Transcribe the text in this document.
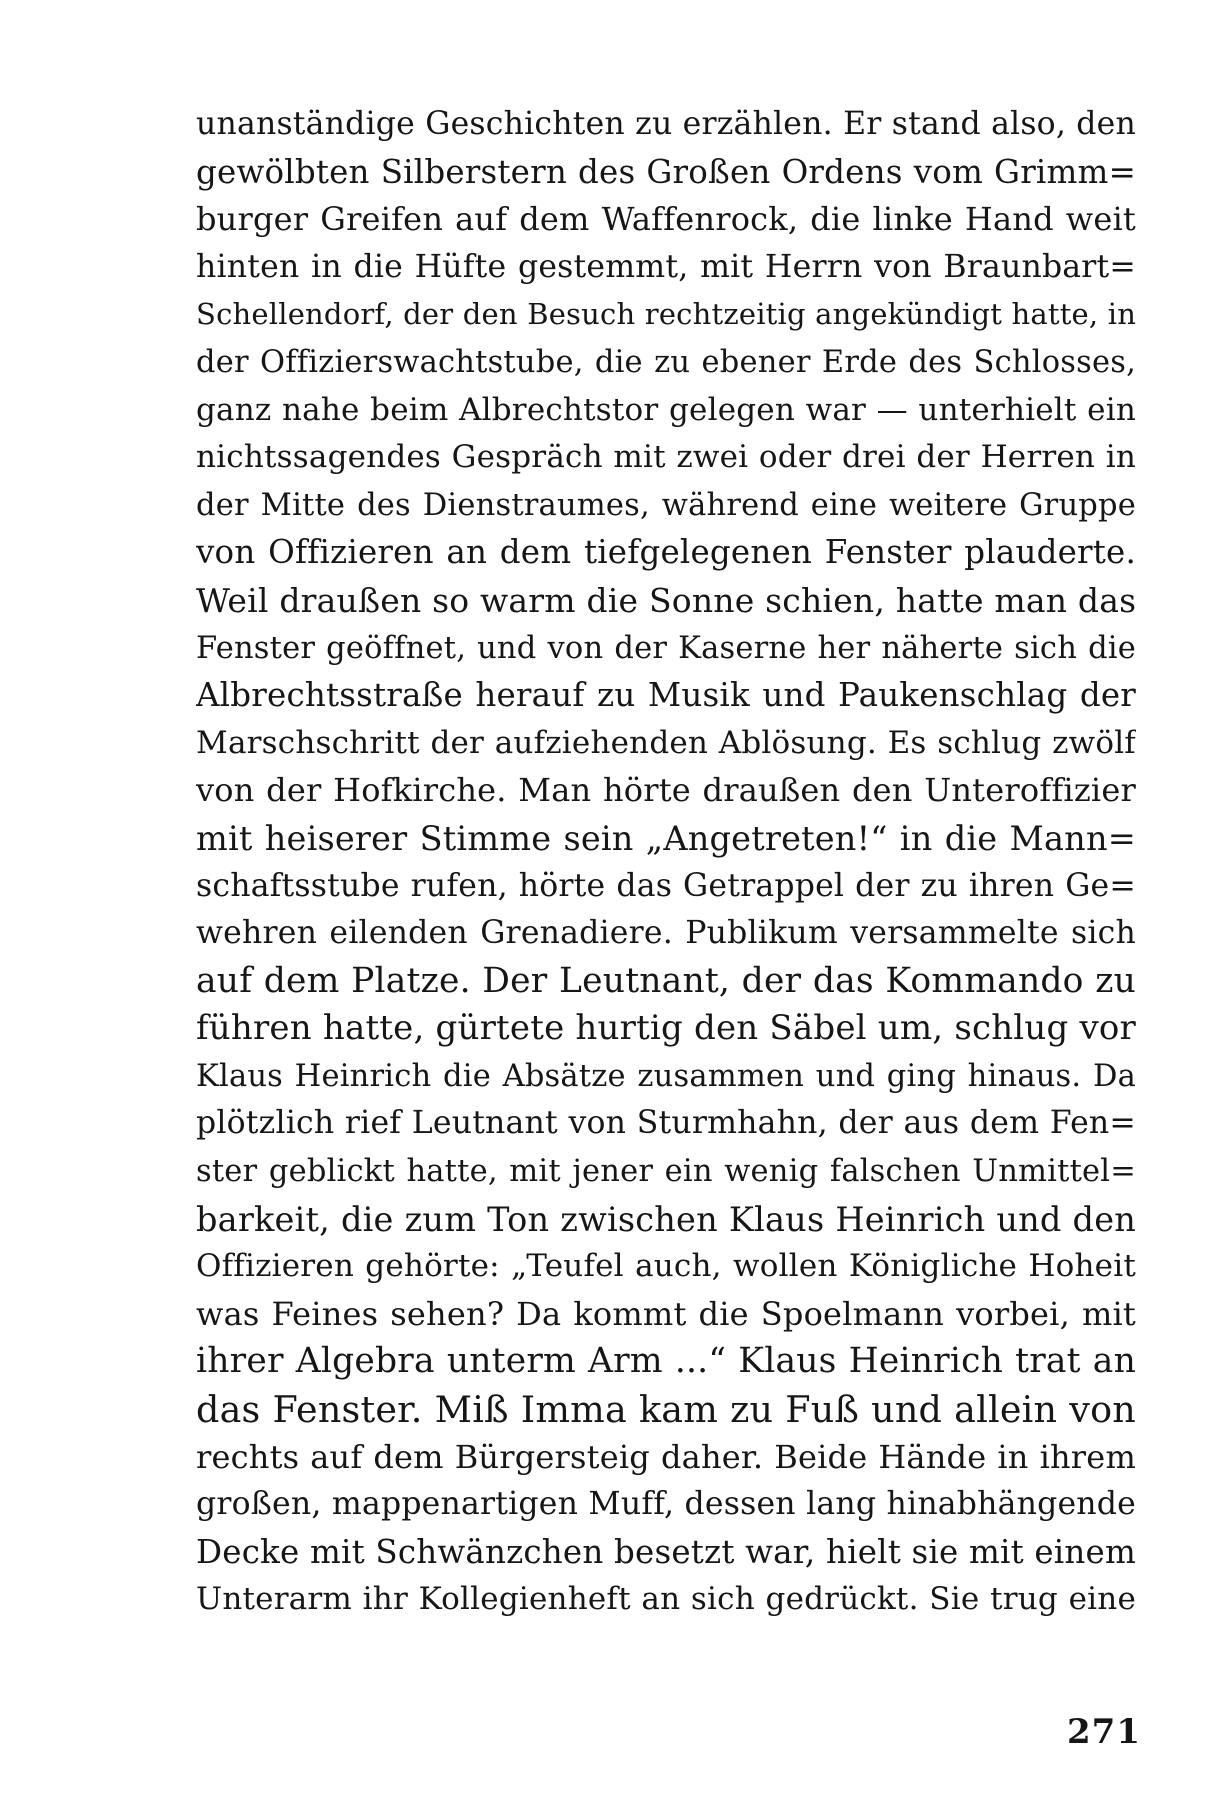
unanständige Geschichten zu erzählen. Er stand also, den
gewölbten Silberstern des Großen Ordens vom Grimm=
burger Greifen auf dem Waffenrock, die linke Hand weit
hinten in die Hüfte gestemmt, mit Herrn von Braunbart=
Schellendorf, der den Besuch rechtzeitig angekündigt hatte, in
der Offizierswachtstube, die zu ebener Erde des Schlosses,
ganz nahe beim Albrechtstor gelegen war — unterhielt ein
nichtssagendes Gespräch mit zwei oder drei der Herren in
der Mitte des Dienstraumes, während eine weitere Gruppe
von Offizieren an dem tiefgelegenen Fenster plauderte.
Weil draußen so warm die Sonne schien, hatte man das
Fenster geöffnet, und von der Kaserne her näherte sich die
Albrechtsstraße herauf zu Musik und Paukenschlag der
Marschschritt der aufziehenden Ablösung. Es schlug zwölf
von der Hofkirche. Man hörte draußen den Unteroffizier
mit heiserer Stimme sein „Angetreten!“ in die Mann=
schaftsstube rufen, hörte das Getrappel der zu ihren Ge=
wehren eilenden Grenadiere. Publikum versammelte sich
auf dem Platze. Der Leutnant, der das Kommando zu
führen hatte, gürtete hurtig den Säbel um, schlug vor
Klaus Heinrich die Absätze zusammen und ging hinaus. Da
plötzlich rief Leutnant von Sturmhahn, der aus dem Fen=
ster geblickt hatte, mit jener ein wenig falschen Unmittel=
barkeit, die zum Ton zwischen Klaus Heinrich und den
Offizieren gehörte: „Teufel auch, wollen Königliche Hoheit
was Feines sehen? Da kommt die Spoelmann vorbei, mit
ihrer Algebra unterm Arm ...“ Klaus Heinrich trat an
das Fenster. Miß Imma kam zu Fuß und allein von
rechts auf dem Bürgersteig daher. Beide Hände in ihrem
großen, mappenartigen Muff, dessen lang hinabhängende
Decke mit Schwänzchen besetzt war, hielt sie mit einem
Unterarm ihr Kollegienheft an sich gedrückt. Sie trug eine
271
